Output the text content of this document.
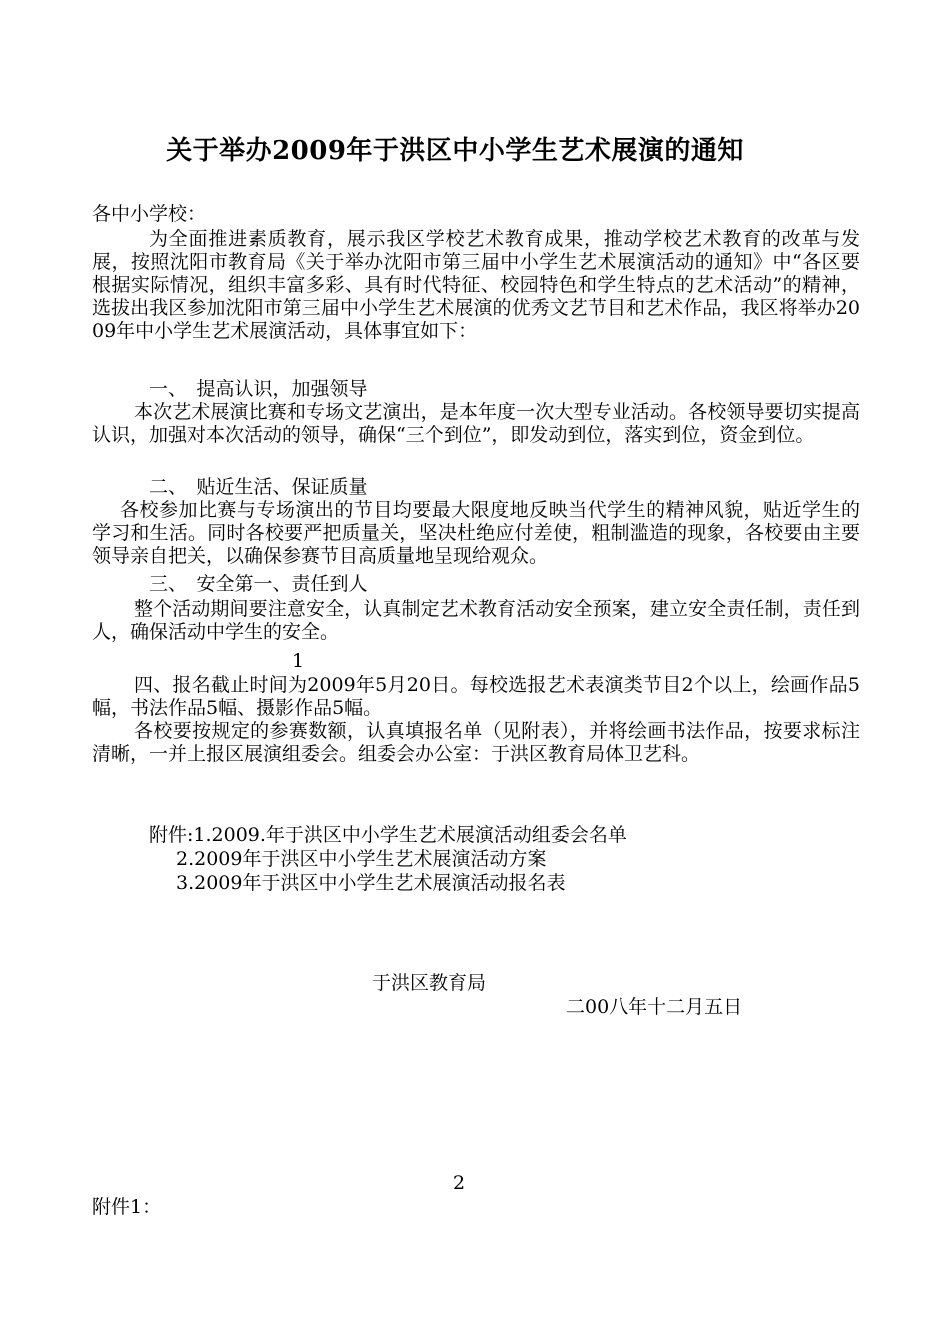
关于举办2009年于洪区中小学生艺术展演的通知
各中小学校：

为全面推进素质教育，展示我区学校艺术教育成果，推动学校艺术教育的改革与发展，按照沈阳市教育局《关于举办沈阳市第三届中小学生艺术展演活动的通知》中“各区要根据实际情况，组织丰富多彩、具有时代特征、校园特色和学生特点的艺术活动”的精神，选拔出我区参加沈阳市第三届中小学生艺术展演的优秀文艺节目和艺术作品，我区将举办2009年中小学生艺术展演活动，具体事宜如下：

一、　提高认识，加强领导

本次艺术展演比赛和专场文艺演出，是本年度一次大型专业活动。各校领导要切实提高认识，加强对本次活动的领导，确保“三个到位”，即发动到位，落实到位，资金到位。

二、　贴近生活、保证质量

各校参加比赛与专场演出的节目均要最大限度地反映当代学生的精神风貌，贴近学生的学习和生活。同时各校要严把质量关，坚决杜绝应付差使，粗制滥造的现象，各校要由主要领导亲自把关，以确保参赛节目高质量地呈现给观众。

三、　安全第一、责任到人

整个活动期间要注意安全，认真制定艺术教育活动安全预案，建立安全责任制，责任到人，确保活动中学生的安全。

1

四、报名截止时间为2009年5月20日。每校选报艺术表演类节目2个以上，绘画作品5幅，书法作品5幅、摄影作品5幅。

各校要按规定的参赛数额，认真填报名单（见附表），并将绘画书法作品，按要求标注清晰，一并上报区展演组委会。组委会办公室：于洪区教育局体卫艺科。

附件:1.2009.年于洪区中小学生艺术展演活动组委会名单
2.2009年于洪区中小学生艺术展演活动方案
3.2009年于洪区中小学生艺术展演活动报名表
于洪区教育局
二00八年十二月五日
2
附件1：
